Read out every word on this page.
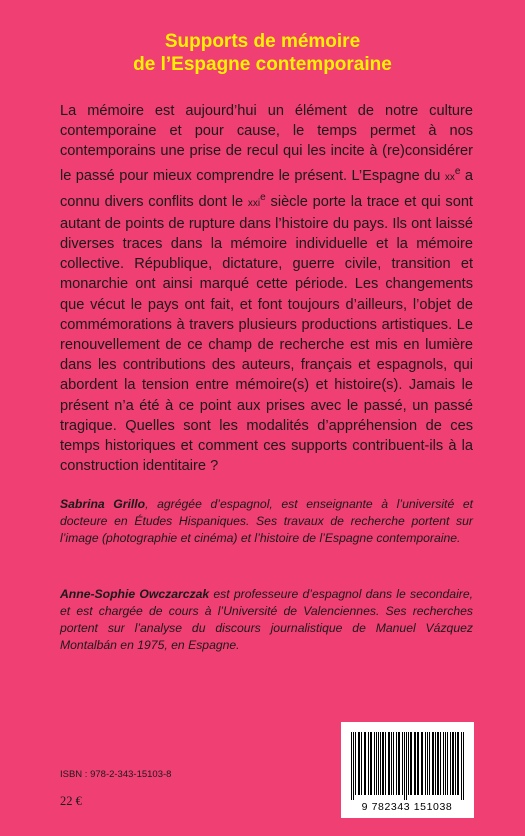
Supports de mémoire
de l’Espagne contemporaine
La mémoire est aujourd’hui un élément de notre culture contemporaine et pour cause, le temps permet à nos contemporains une prise de recul qui les incite à (re)considérer le passé pour mieux comprendre le présent. L’Espagne du $xx^e$ a connu divers conflits dont le xxi$^e$ siècle porte la trace et qui sont autant de points de rupture dans l’histoire du pays. Ils ont laissé diverses traces dans la mémoire individuelle et la mémoire collective. République, dictature, guerre civile, transition et monarchie ont ainsi marqué cette période. Les changements que vécut le pays ont fait, et font toujours d’ailleurs, l’objet de commémorations à travers plusieurs productions artistiques. Le renouvellement de ce champ de recherche est mis en lumière dans les contributions des auteurs, français et espagnols, qui abordent la tension entre mémoire(s) et histoire(s). Jamais le présent n’a été à ce point aux prises avec le passé, un passé tragique. Quelles sont les modalités d’appréhension de ces temps historiques et comment ces supports contribuent-ils à la construction identitaire ?
Sabrina Grillo, agrégée d’espagnol, est enseignante à l’université et docteure en Études Hispaniques. Ses travaux de recherche portent sur l’image (photographie et cinéma) et l’histoire de l’Espagne contemporaine.
Anne-Sophie Owczarczak est professeure d’espagnol dans le secondaire, et est chargée de cours à l’Université de Valenciennes. Ses recherches portent sur l’analyse du discours journalistique de Manuel Vázquez Montalbán en 1975, en Espagne.
9 782343 151038
ISBN : 978-2-343-15103-8
22 €
